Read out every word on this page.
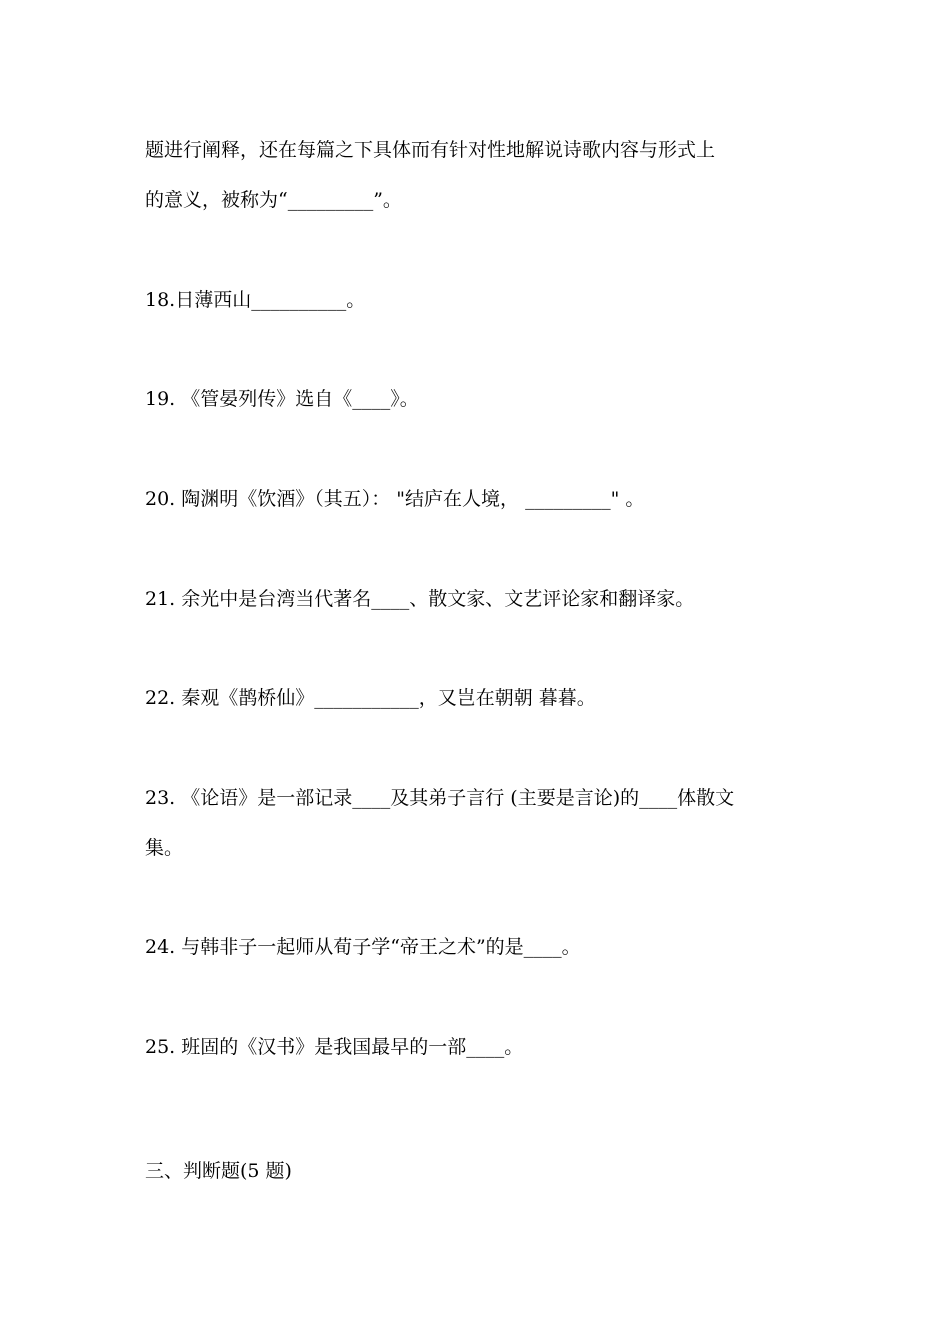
题进行阐释，还在每篇之下具体而有针对性地解说诗歌内容与形式上
的意义，被称为“_________”。
18.日薄西山__________。
19. 《管晏列传》选自《____》。
20. 陶渊明《饮酒》（其五）： "结庐在人境， _________" 。
21. 余光中是台湾当代著名____、散文家、文艺评论家和翻译家。
22. 秦观《鹊桥仙》___________，又岂在朝朝 暮暮。
23. 《论语》是一部记录____及其弟子言行 (主要是言论)的____体散文
集。
24. 与韩非子一起师从荀子学“帝王之术”的是____。
25. 班固的《汉书》是我国最早的一部____。
三、判断题(5 题)
